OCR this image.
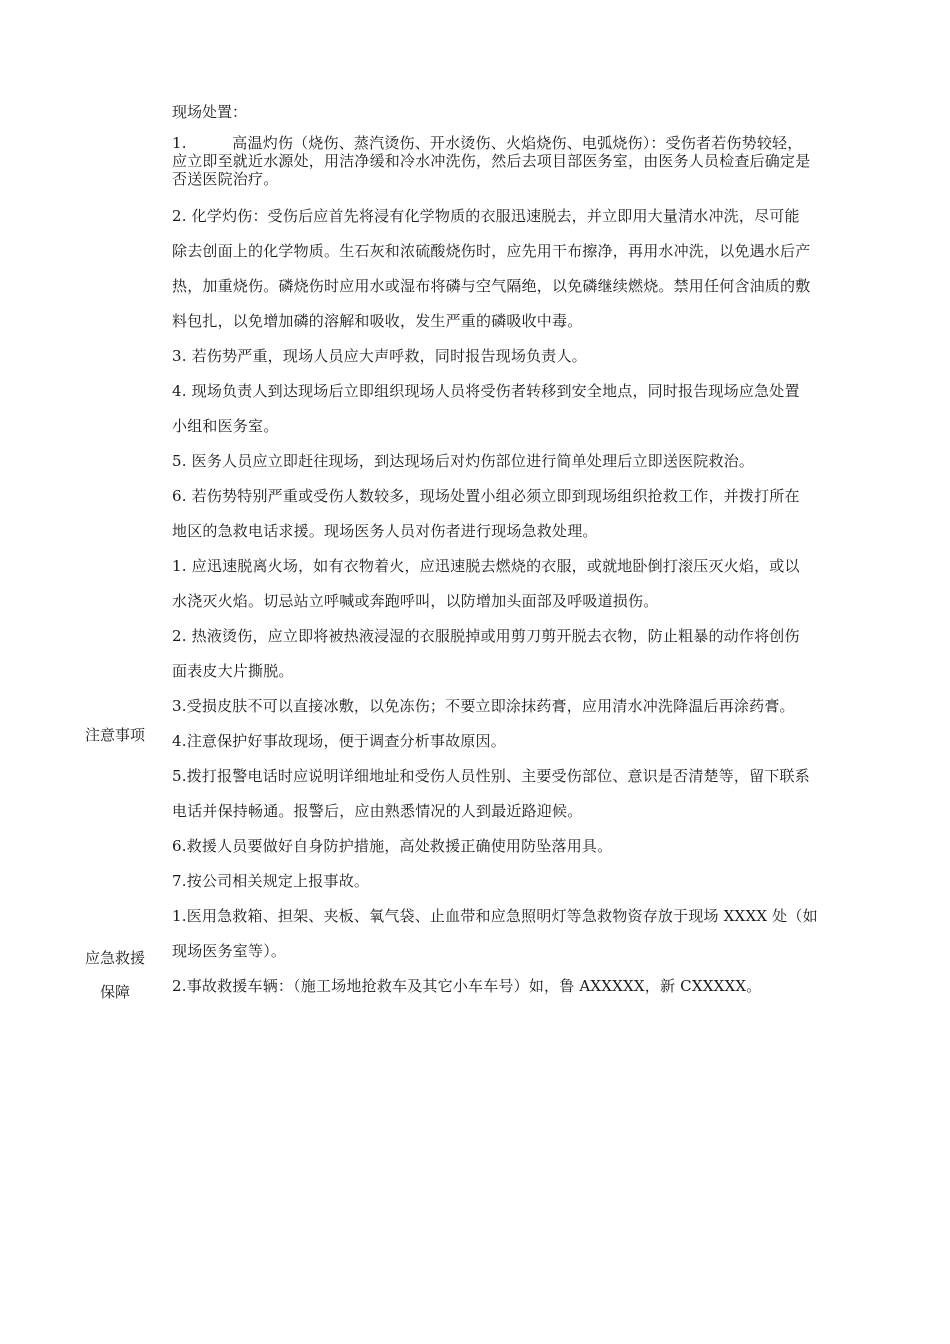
注意事项
应急救援
保障
现场处置：
1.　　　高温灼伤（烧伤、蒸汽烫伤、开水烫伤、火焰烧伤、电弧烧伤）：受伤者若伤势较轻，
应立即至就近水源处，用洁净缓和冷水冲洗伤，然后去项目部医务室，由医务人员检查后确定是
否送医院治疗。
2. 化学灼伤：受伤后应首先将浸有化学物质的衣服迅速脱去，并立即用大量清水冲洗，尽可能
除去创面上的化学物质。生石灰和浓硫酸烧伤时，应先用干布擦净，再用水冲洗，以免遇水后产
热，加重烧伤。磷烧伤时应用水或湿布将磷与空气隔绝，以免磷继续燃烧。禁用任何含油质的敷
料包扎，以免增加磷的溶解和吸收，发生严重的磷吸收中毒。
3. 若伤势严重，现场人员应大声呼救，同时报告现场负责人。
4. 现场负责人到达现场后立即组织现场人员将受伤者转移到安全地点，同时报告现场应急处置
小组和医务室。
5. 医务人员应立即赶往现场，到达现场后对灼伤部位进行简单处理后立即送医院救治。
6. 若伤势特别严重或受伤人数较多，现场处置小组必须立即到现场组织抢救工作，并拨打所在
地区的急救电话求援。现场医务人员对伤者进行现场急救处理。
1. 应迅速脱离火场，如有衣物着火，应迅速脱去燃烧的衣服，或就地卧倒打滚压灭火焰，或以
水浇灭火焰。切忌站立呼喊或奔跑呼叫，以防增加头面部及呼吸道损伤。
2. 热液烫伤，应立即将被热液浸湿的衣服脱掉或用剪刀剪开脱去衣物，防止粗暴的动作将创伤
面表皮大片撕脱。
3.受损皮肤不可以直接冰敷，以免冻伤；不要立即涂抹药膏，应用清水冲洗降温后再涂药膏。
4.注意保护好事故现场，便于调查分析事故原因。
5.拨打报警电话时应说明详细地址和受伤人员性别、主要受伤部位、意识是否清楚等，留下联系
电话并保持畅通。报警后，应由熟悉情况的人到最近路迎候。
6.救援人员要做好自身防护措施，高处救援正确使用防坠落用具。
7.按公司相关规定上报事故。
1.医用急救箱、担架、夹板、氧气袋、止血带和应急照明灯等急救物资存放于现场 XXXX 处（如
现场医务室等）。
2.事故救援车辆：（施工场地抢救车及其它小车车号）如，鲁 AXXXXX，新 CXXXXX。
